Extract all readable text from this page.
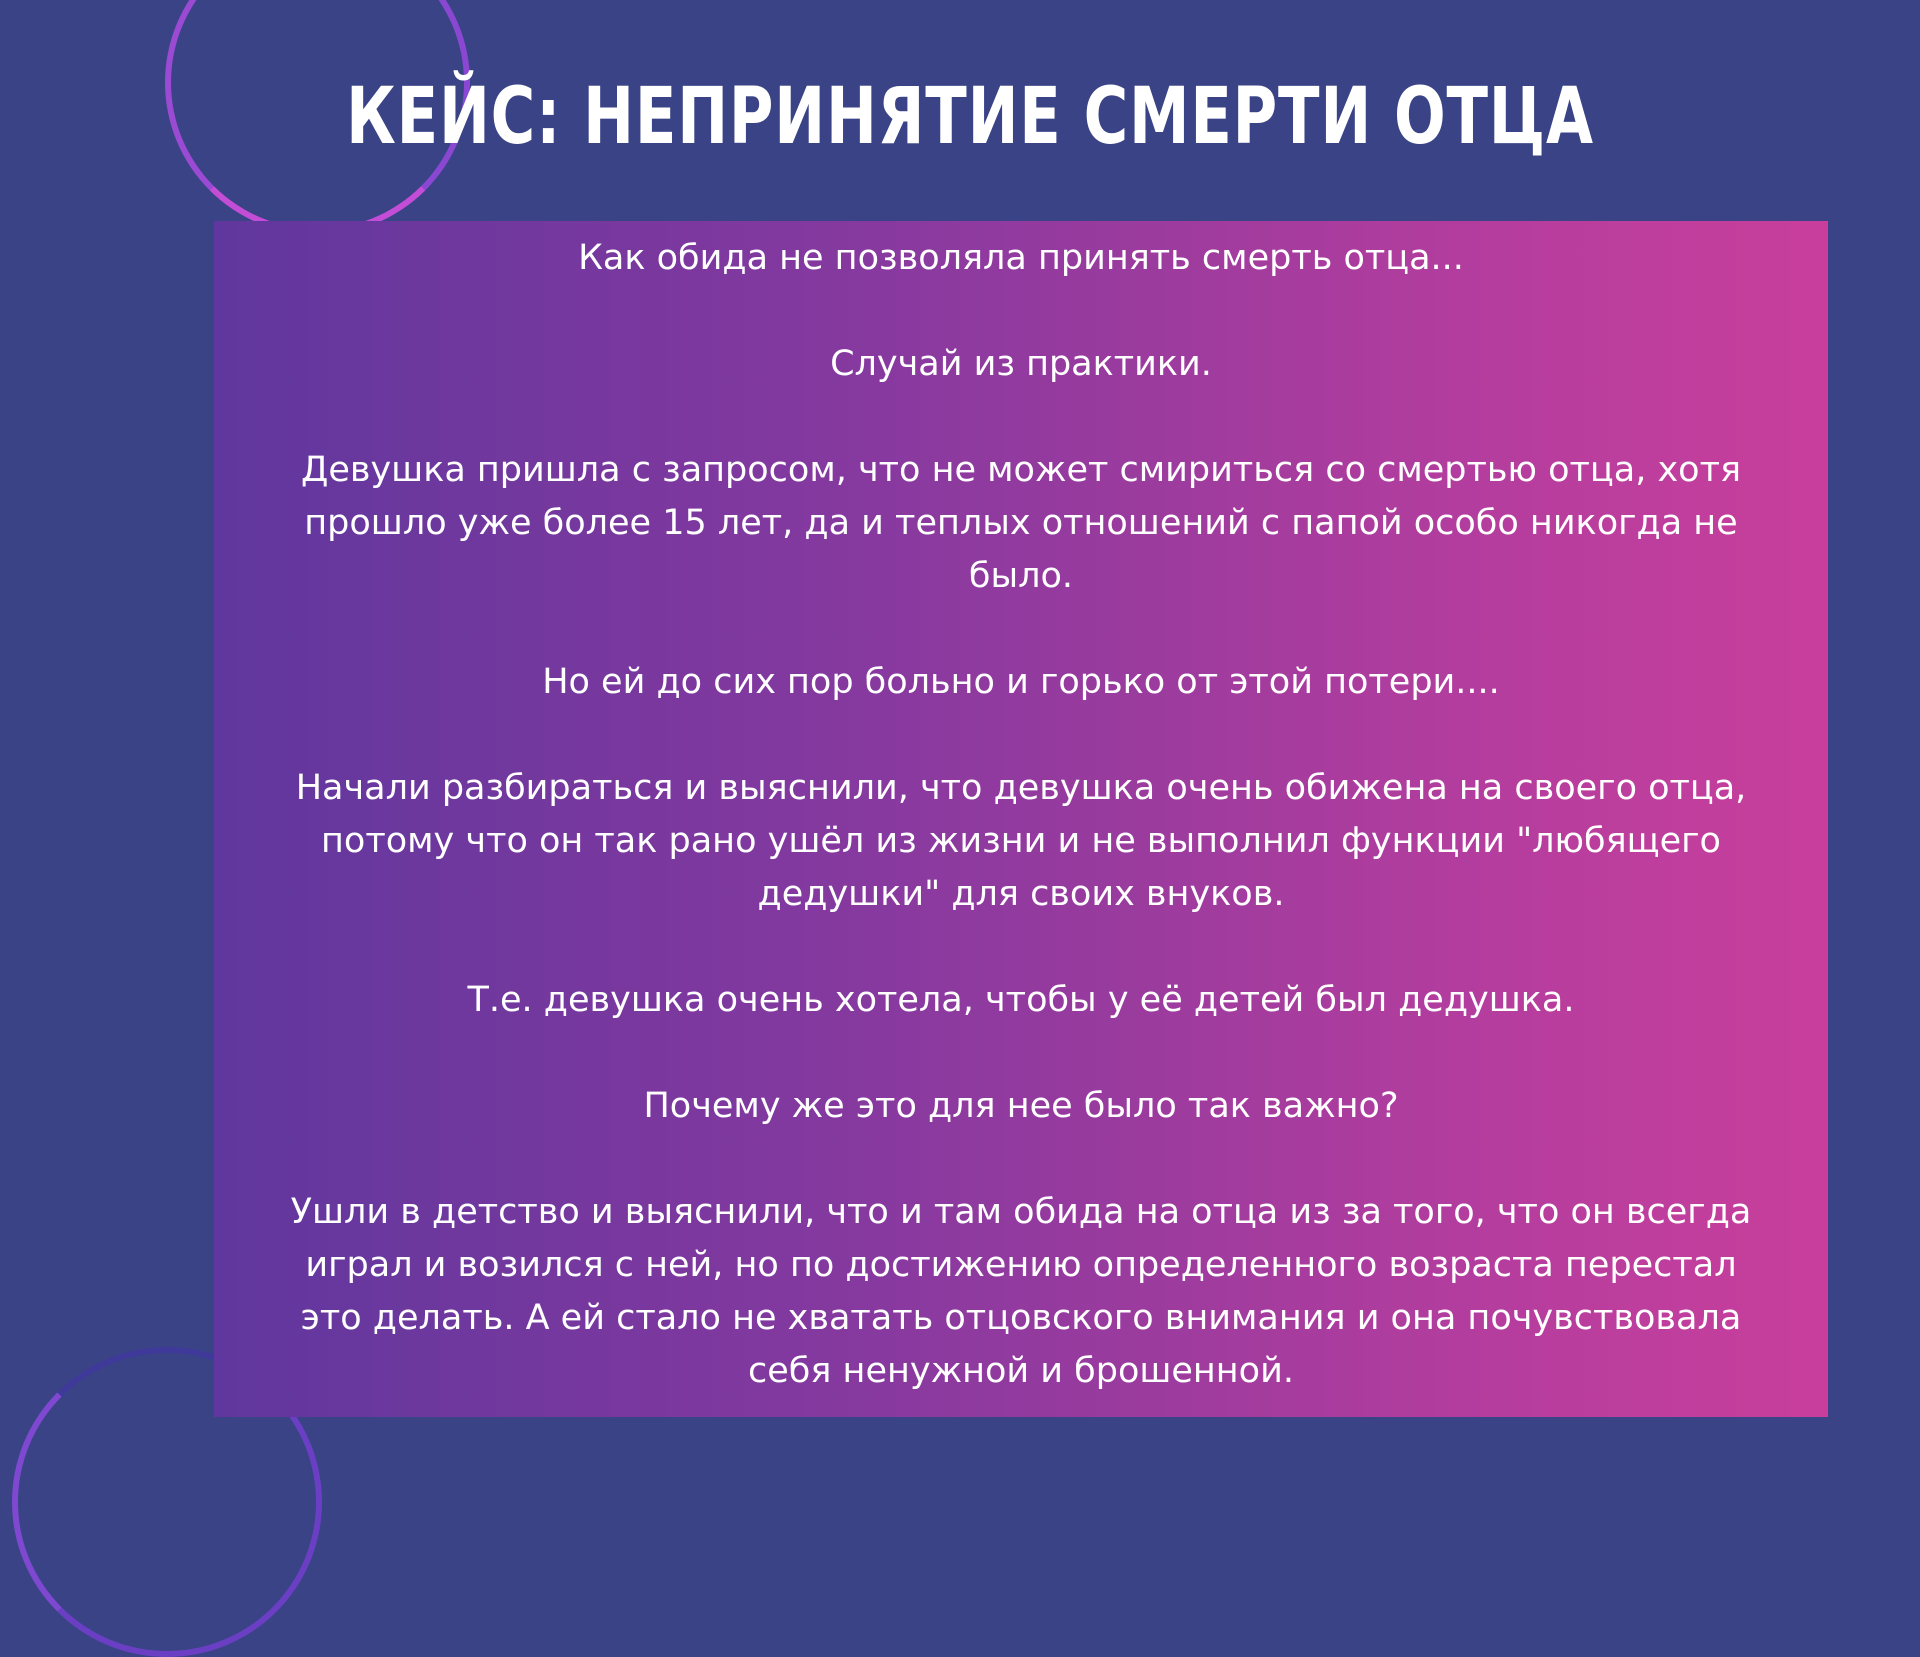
КЕЙС: НЕПРИНЯТИЕ СМЕРТИ ОТЦА

Как обида не позволяла принять смерть отца...

Случай из практики.

Девушка пришла с запросом, что не может смириться со смертью отца, хотя прошло уже более 15 лет, да и теплых отношений с папой особо никогда не было.

Но ей до сих пор больно и горько от этой потери....

Начали разбираться и выяснили, что девушка очень обижена на своего отца, потому что он так рано ушёл из жизни и не выполнил функции "любящего дедушки" для своих внуков.

Т.е. девушка очень хотела, чтобы у её детей был дедушка.

Почему же это для нее было так важно?

Ушли в детство и выяснили, что и там обида на отца из за того, что он всегда играл и возился с ней, но по достижению определенного возраста перестал это делать. А ей стало не хватать отцовского внимания и она почувствовала себя ненужной и брошенной.
